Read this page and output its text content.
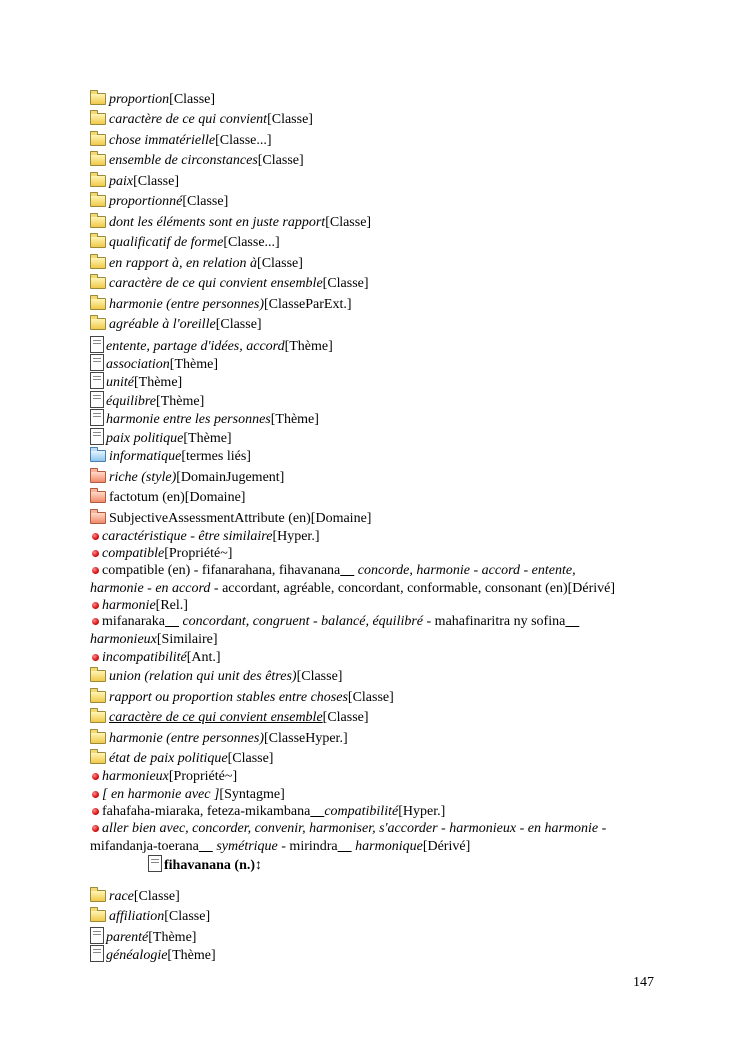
proportion[Classe]
caractère de ce qui convient[Classe]
chose immatérielle[Classe...]
ensemble de circonstances[Classe]
paix[Classe]
proportionné[Classe]
dont les éléments sont en juste rapport[Classe]
qualificatif de forme[Classe...]
en rapport à, en relation à[Classe]
caractère de ce qui convient ensemble[Classe]
harmonie (entre personnes)[ClasseParExt.]
agréable à l'oreille[Classe]
entente, partage d'idées, accord[Thème]
association[Thème]
unité[Thème]
équilibre[Thème]
harmonie entre les personnes[Thème]
paix politique[Thème]
informatique[termes liés]
riche (style)[DomainJugement]
factotum (en)[Domaine]
SubjectiveAssessmentAttribute (en)[Domaine]
caractéristique - être similaire[Hyper.]
compatible[Propriété~]
compatible (en) - fifanarahana, fihavanana     concorde, harmonie - accord - entente,
harmonie - en accord - accordant, agréable, concordant, conformable, consonant (en)[Dérivé]
harmonie[Rel.]
mifanaraka     concordant, congruent - balancé, équilibré - mahafinaritra ny sofina
harmonieux[Similaire]
incompatibilité[Ant.]
union (relation qui unit des êtres)[Classe]
rapport ou proportion stables entre choses[Classe]
caractère de ce qui convient ensemble[Classe]
harmonie (entre personnes)[ClasseHyper.]
état de paix politique[Classe]
harmonieux[Propriété~]
[ en harmonie avec ][Syntagme]
fahafaha-miaraka, feteza-mikambana compatibilité[Hyper.]
aller bien avec, concorder, convenir, harmoniser, s'accorder - harmonieux - en harmonie -
mifandanja-toerana     symétrique - mirindra     harmonique[Dérivé]
fihavanana (n.)↕
race[Classe]
affiliation[Classe]
parenté[Thème]
généalogie[Thème]
147
